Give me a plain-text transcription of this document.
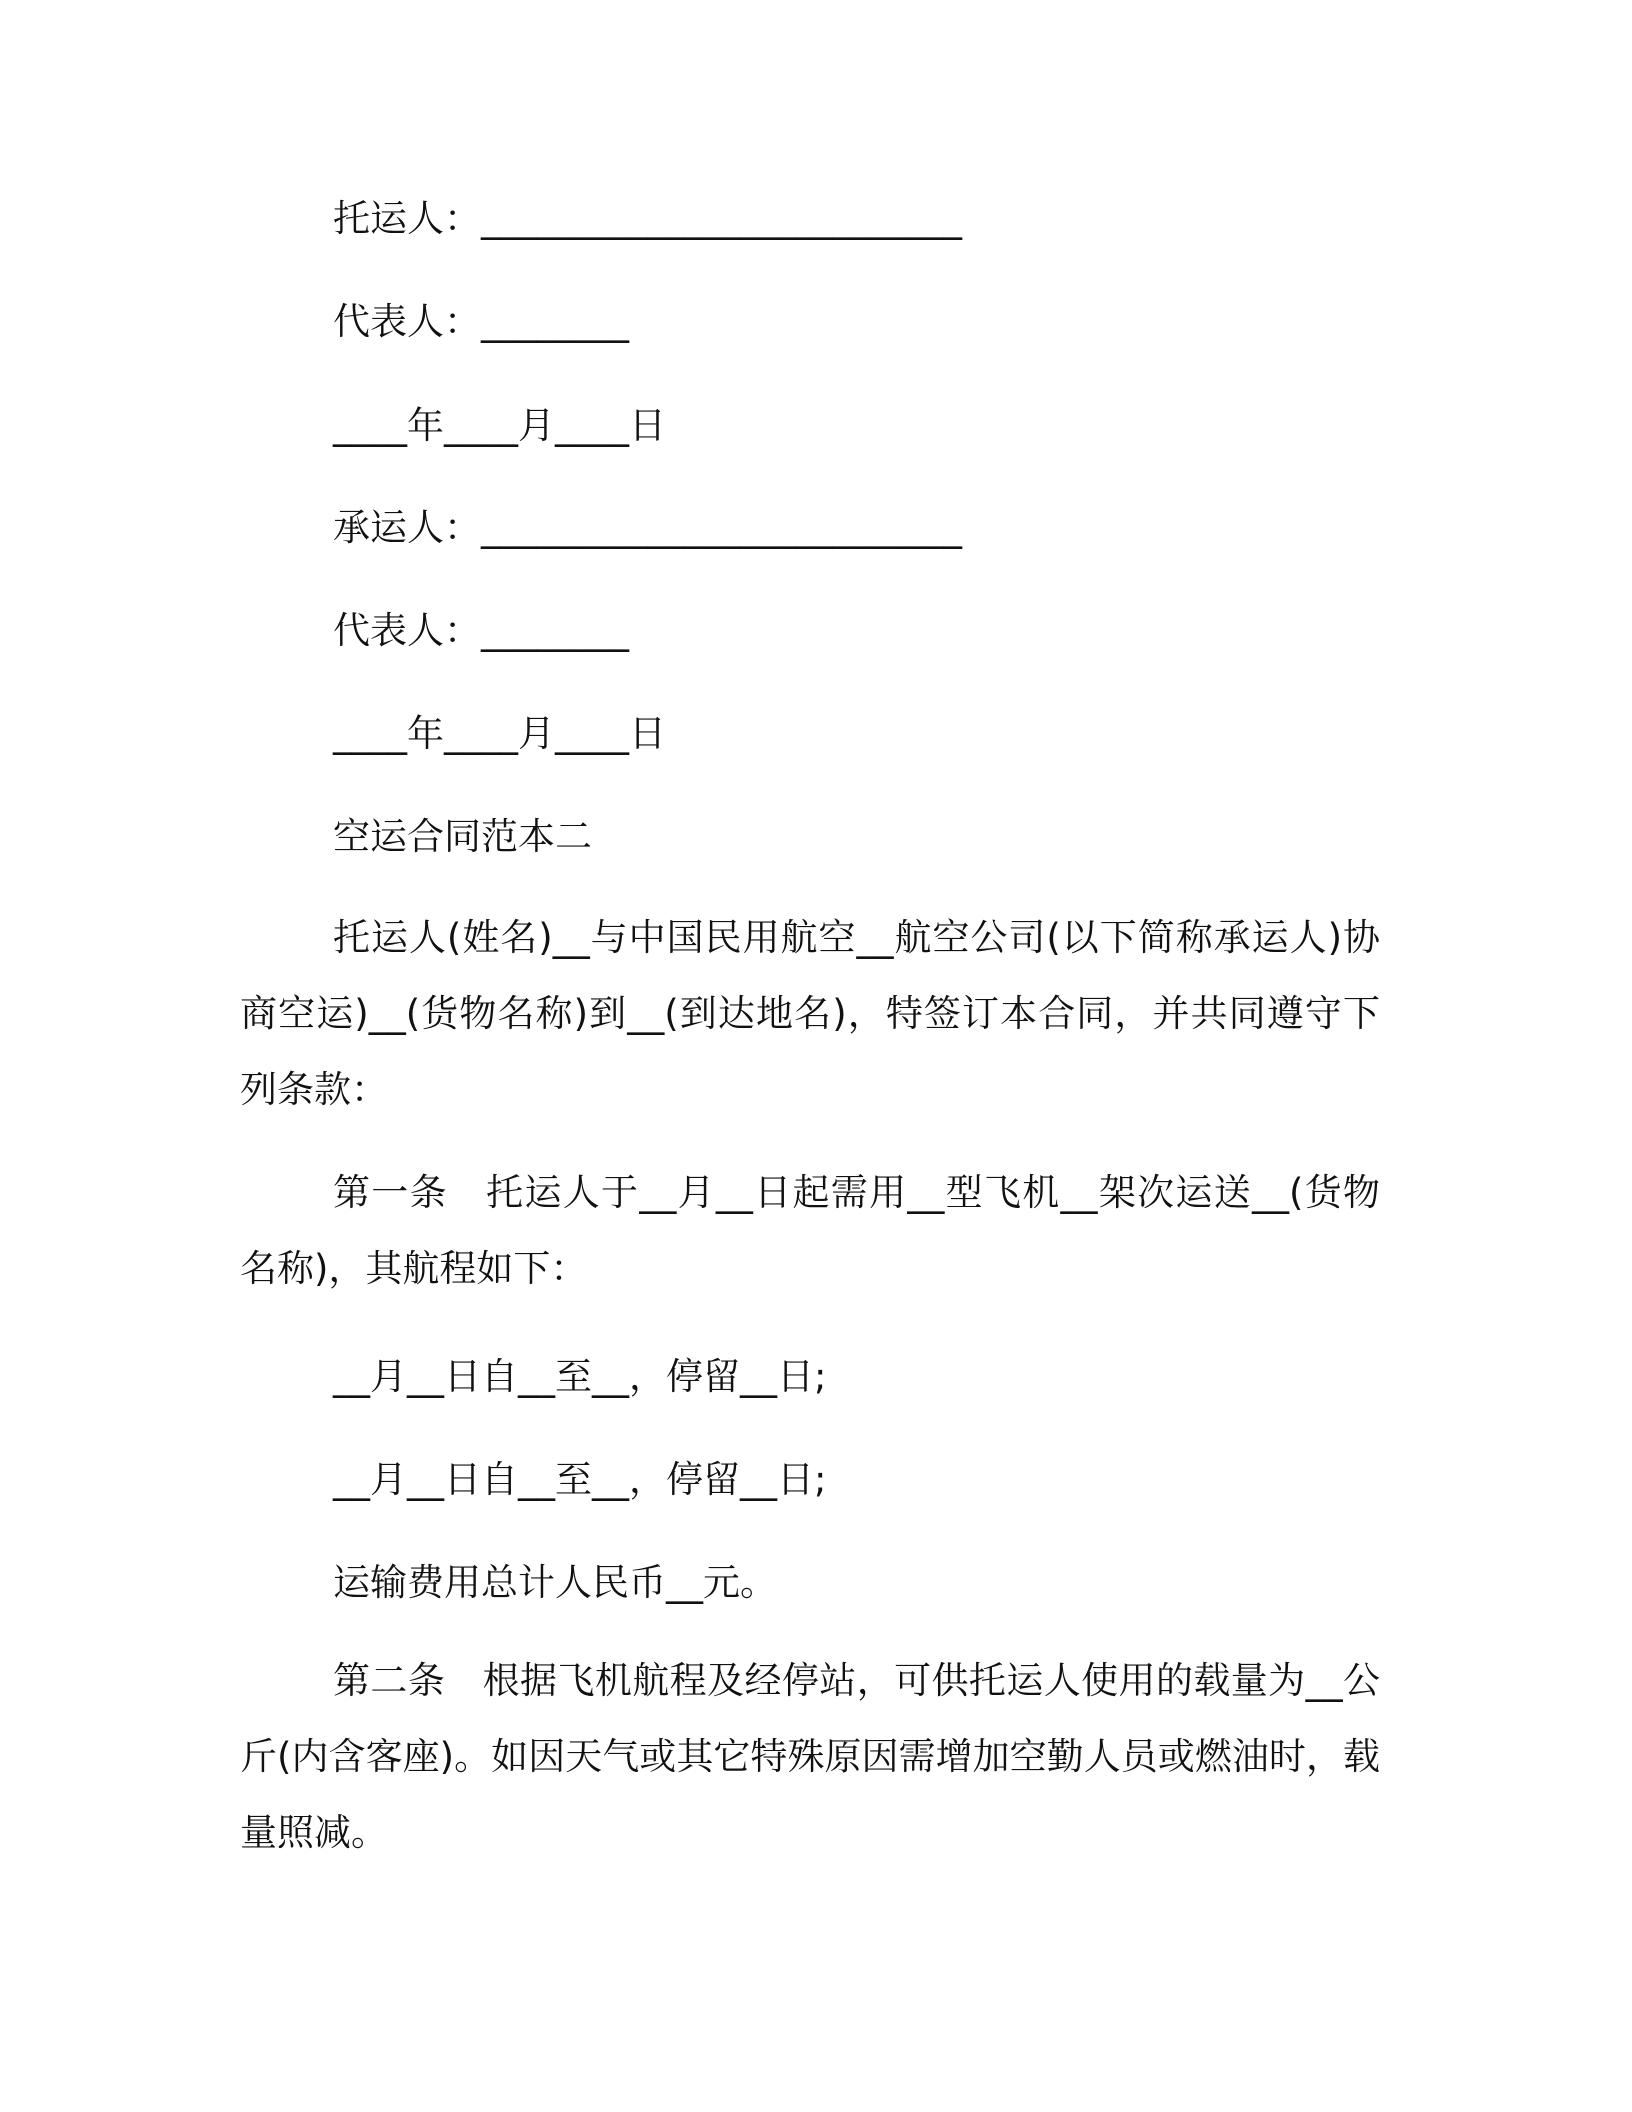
托运人：__________________________
代表人：________
____年____月____日
承运人：__________________________
代表人：________
____年____月____日
空运合同范本二
托运人(姓名)__与中国民用航空__航空公司(以下简称承运人)协商空运)__(货物名称)到__(到达地名)，特签订本合同，并共同遵守下列条款：
第一条　托运人于__月__日起需用__型飞机__架次运送__(货物名称)，其航程如下：
__月__日自__至__，停留__日;
__月__日自__至__，停留__日;
运输费用总计人民币__元。
第二条　根据飞机航程及经停站，可供托运人使用的载量为__公斤(内含客座)。如因天气或其它特殊原因需增加空勤人员或燃油时，载量照减。
